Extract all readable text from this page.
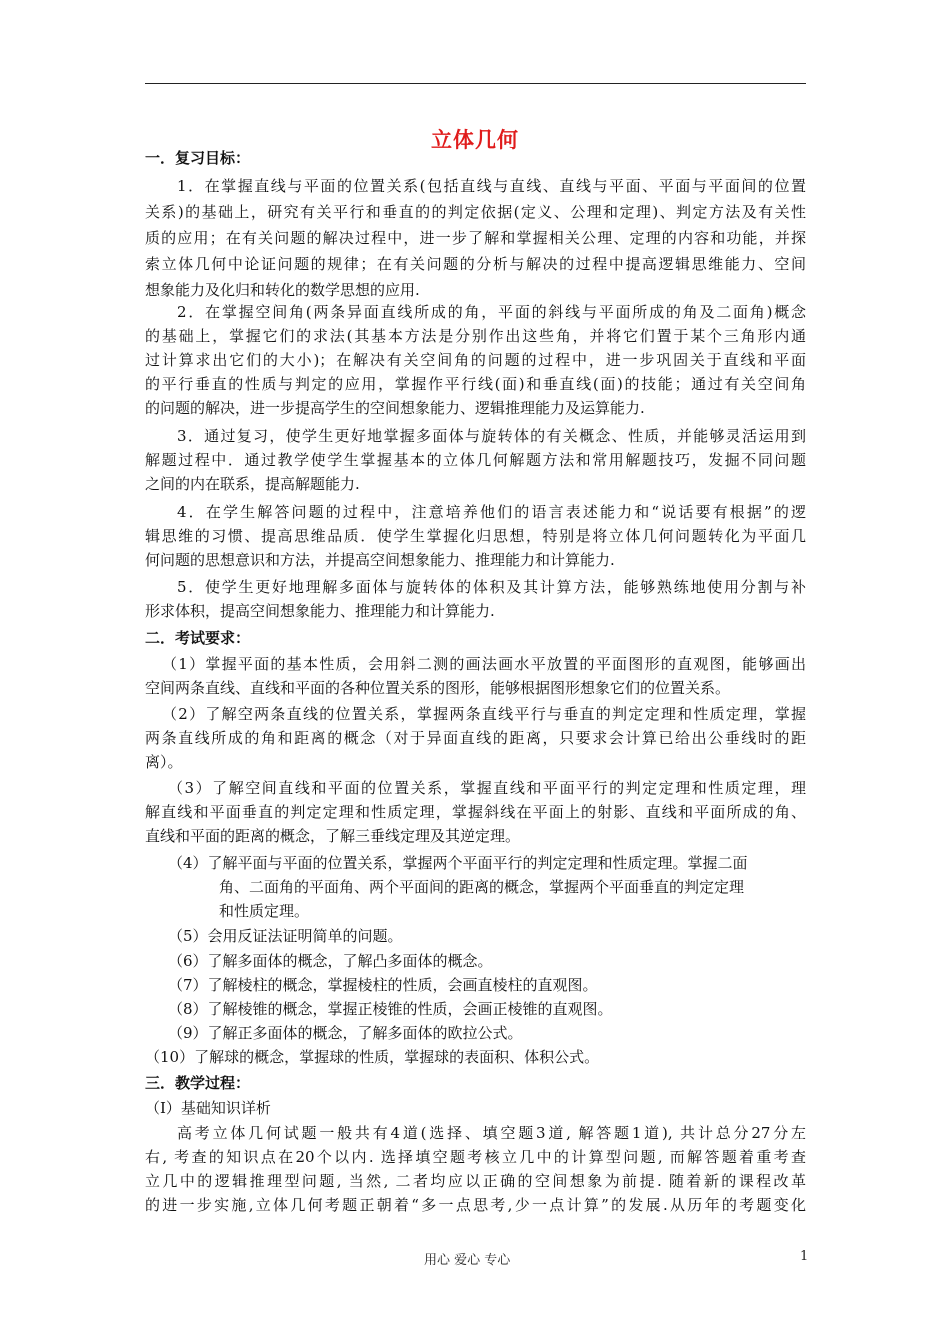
立体几何
一．复习目标：
1．在掌握直线与平面的位置关系(包括直线与直线、直线与平面、平面与平面间的位置
关系)的基础上，研究有关平行和垂直的的判定依据(定义、公理和定理)、判定方法及有关性
质的应用；在有关问题的解决过程中，进一步了解和掌握相关公理、定理的内容和功能，并探
索立体几何中论证问题的规律；在有关问题的分析与解决的过程中提高逻辑思维能力、空间
想象能力及化归和转化的数学思想的应用.
2．在掌握空间角(两条异面直线所成的角，平面的斜线与平面所成的角及二面角)概念
的基础上，掌握它们的求法(其基本方法是分别作出这些角，并将它们置于某个三角形内通
过计算求出它们的大小)；在解决有关空间角的问题的过程中，进一步巩固关于直线和平面
的平行垂直的性质与判定的应用，掌握作平行线(面)和垂直线(面)的技能；通过有关空间角
的问题的解决，进一步提高学生的空间想象能力、逻辑推理能力及运算能力.
3．通过复习，使学生更好地掌握多面体与旋转体的有关概念、性质，并能够灵活运用到
解题过程中．通过教学使学生掌握基本的立体几何解题方法和常用解题技巧，发掘不同问题
之间的内在联系，提高解题能力.
4．在学生解答问题的过程中，注意培养他们的语言表述能力和“说话要有根据”的逻
辑思维的习惯、提高思维品质．使学生掌握化归思想，特别是将立体几何问题转化为平面几
何问题的思想意识和方法，并提高空间想象能力、推理能力和计算能力.
5．使学生更好地理解多面体与旋转体的体积及其计算方法，能够熟练地使用分割与补
形求体积，提高空间想象能力、推理能力和计算能力.
二．考试要求：
（1）掌握平面的基本性质，会用斜二测的画法画水平放置的平面图形的直观图，能够画出
空间两条直线、直线和平面的各种位置关系的图形，能够根据图形想象它们的位置关系。
（2）了解空两条直线的位置关系，掌握两条直线平行与垂直的判定定理和性质定理，掌握
两条直线所成的角和距离的概念（对于异面直线的距离，只要求会计算已给出公垂线时的距
离）。
（3）了解空间直线和平面的位置关系，掌握直线和平面平行的判定定理和性质定理，理
解直线和平面垂直的判定定理和性质定理，掌握斜线在平面上的射影、直线和平面所成的角、
直线和平面的距离的概念，了解三垂线定理及其逆定理。
（4）了解平面与平面的位置关系，掌握两个平面平行的判定定理和性质定理。掌握二面
角、二面角的平面角、两个平面间的距离的概念，掌握两个平面垂直的判定定理
和性质定理。
（5）会用反证法证明简单的问题。
（6）了解多面体的概念，了解凸多面体的概念。
（7）了解棱柱的概念，掌握棱柱的性质，会画直棱柱的直观图。
（8）了解棱锥的概念，掌握正棱锥的性质，会画正棱锥的直观图。
（9）了解正多面体的概念，了解多面体的欧拉公式。
（10）了解球的概念，掌握球的性质，掌握球的表面积、体积公式。
三．教学过程：
（Ⅰ）基础知识详析
高考立体几何试题一般共有4道(选择、填空题3道, 解答题1道), 共计总分27分左
右, 考查的知识点在20个以内. 选择填空题考核立几中的计算型问题, 而解答题着重考查
立几中的逻辑推理型问题, 当然, 二者均应以正确的空间想象为前提. 随着新的课程改革
的进一步实施,立体几何考题正朝着“多一点思考,少一点计算”的发展.从历年的考题变化
用心 爱心 专心	1
